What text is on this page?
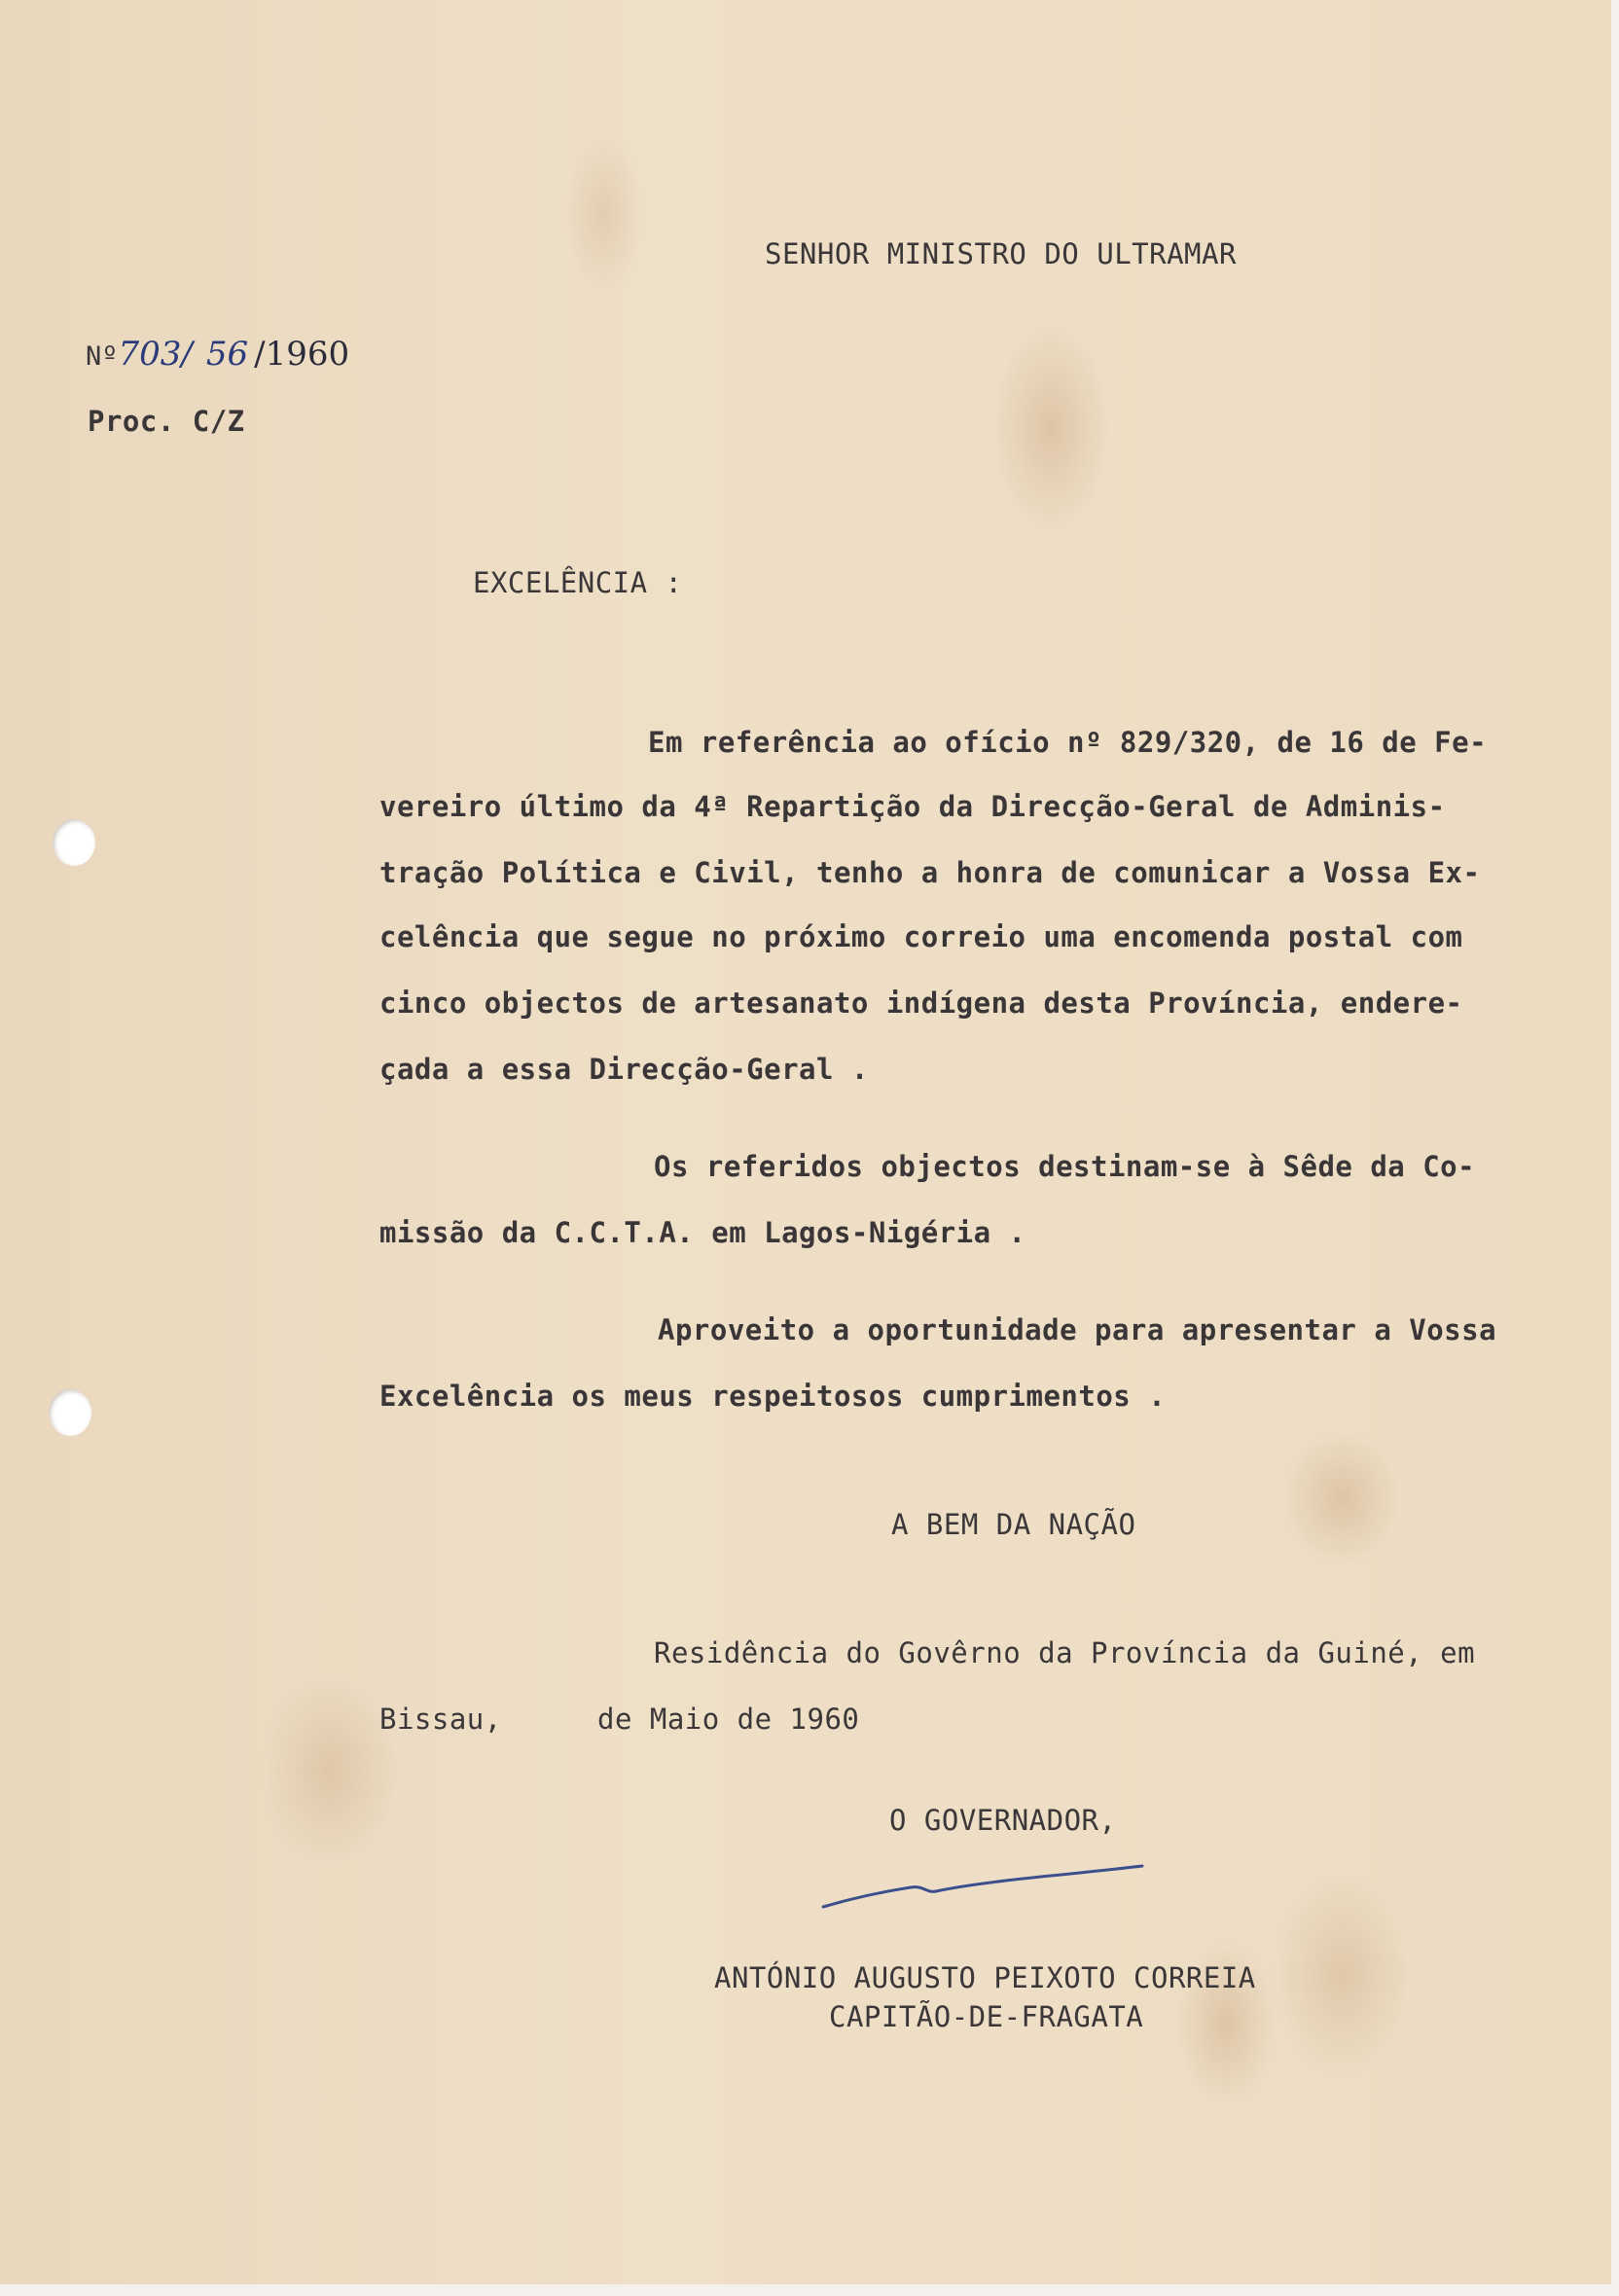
SENHOR MINISTRO DO ULTRAMAR
Nº703/ 56 /1960
Proc. C/Z
EXCELÊNCIA :
Em referência ao ofício nº 829/320, de 16 de Fe-
vereiro último da 4ª Repartição da Direcção-Geral de Adminis-
tração Política e Civil, tenho a honra de comunicar a Vossa Ex-
celência que segue no próximo correio uma encomenda postal com
cinco objectos de artesanato indígena desta Província, endere-
çada a essa Direcção-Geral .
Os referidos objectos destinam-se à Sêde da Co-
missão da C.C.T.A. em Lagos-Nigéria .
Aproveito a oportunidade para apresentar a Vossa
Excelência os meus respeitosos cumprimentos .
A BEM DA NAÇÃO
Residência do Govêrno da Província da Guiné, em
Bissau,	de Maio de 1960
O GOVERNADOR,
ANTÓNIO AUGUSTO PEIXOTO CORREIA
CAPITÃO-DE-FRAGATA
